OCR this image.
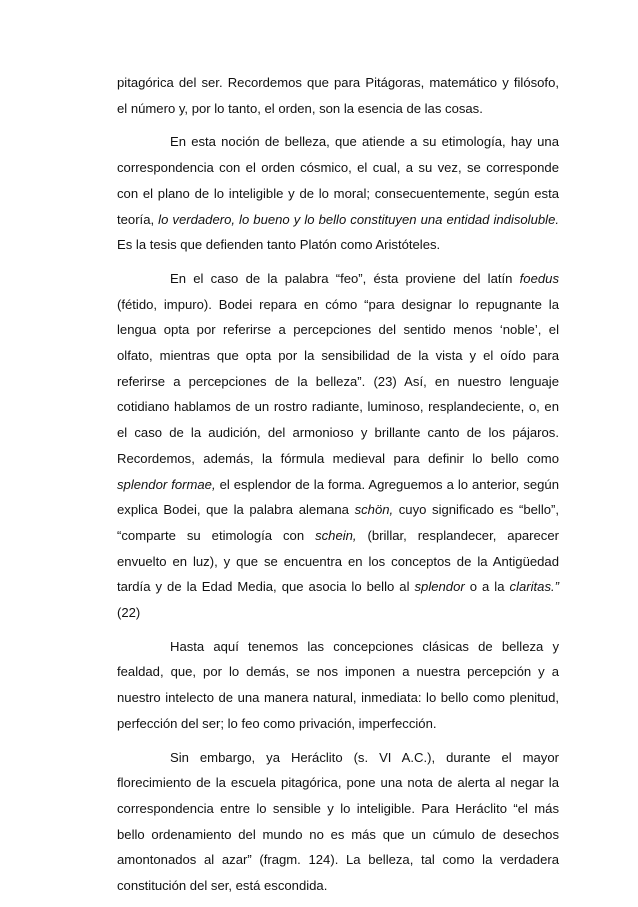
pitagórica del ser. Recordemos que para Pitágoras, matemático y filósofo, el número y, por lo tanto, el orden, son la esencia de las cosas.

En esta noción de belleza, que atiende a su etimología, hay una correspondencia con el orden cósmico, el cual, a su vez, se corresponde con el plano de lo inteligible y de lo moral; consecuentemente, según esta teoría, lo verdadero, lo bueno y lo bello constituyen una entidad indisoluble. Es la tesis que defienden tanto Platón como Aristóteles.

En el caso de la palabra “feo”, ésta proviene del latín foedus (fétido, impuro). Bodei repara en cómo “para designar lo repugnante la lengua opta por referirse a percepciones del sentido menos ‘noble’, el olfato, mientras que opta por la sensibilidad de la vista y el oído para referirse a percepciones de la belleza”. (23) Así, en nuestro lenguaje cotidiano hablamos de un rostro radiante, luminoso, resplandeciente, o, en el caso de la audición, del armonioso y brillante canto de los pájaros. Recordemos, además, la fórmula medieval para definir lo bello como splendor formae, el esplendor de la forma. Agreguemos a lo anterior, según explica Bodei, que la palabra alemana schön, cuyo significado es “bello”, “comparte su etimología con schein, (brillar, resplandecer, aparecer envuelto en luz), y que se encuentra en los conceptos de la Antigüedad tardía y de la Edad Media, que asocia lo bello al splendor o a la claritas.” (22)

Hasta aquí tenemos las concepciones clásicas de belleza y fealdad, que, por lo demás, se nos imponen a nuestra percepción y a nuestro intelecto de una manera natural, inmediata: lo bello como plenitud, perfección del ser; lo feo como privación, imperfección.

Sin embargo, ya Heráclito (s. VI A.C.), durante el mayor florecimiento de la escuela pitagórica, pone una nota de alerta al negar la correspondencia entre lo sensible y lo inteligible. Para Heráclito “el más bello ordenamiento del mundo no es más que un cúmulo de desechos amontonados al azar” (fragm. 124). La belleza, tal como la verdadera constitución del ser, está escondida.
